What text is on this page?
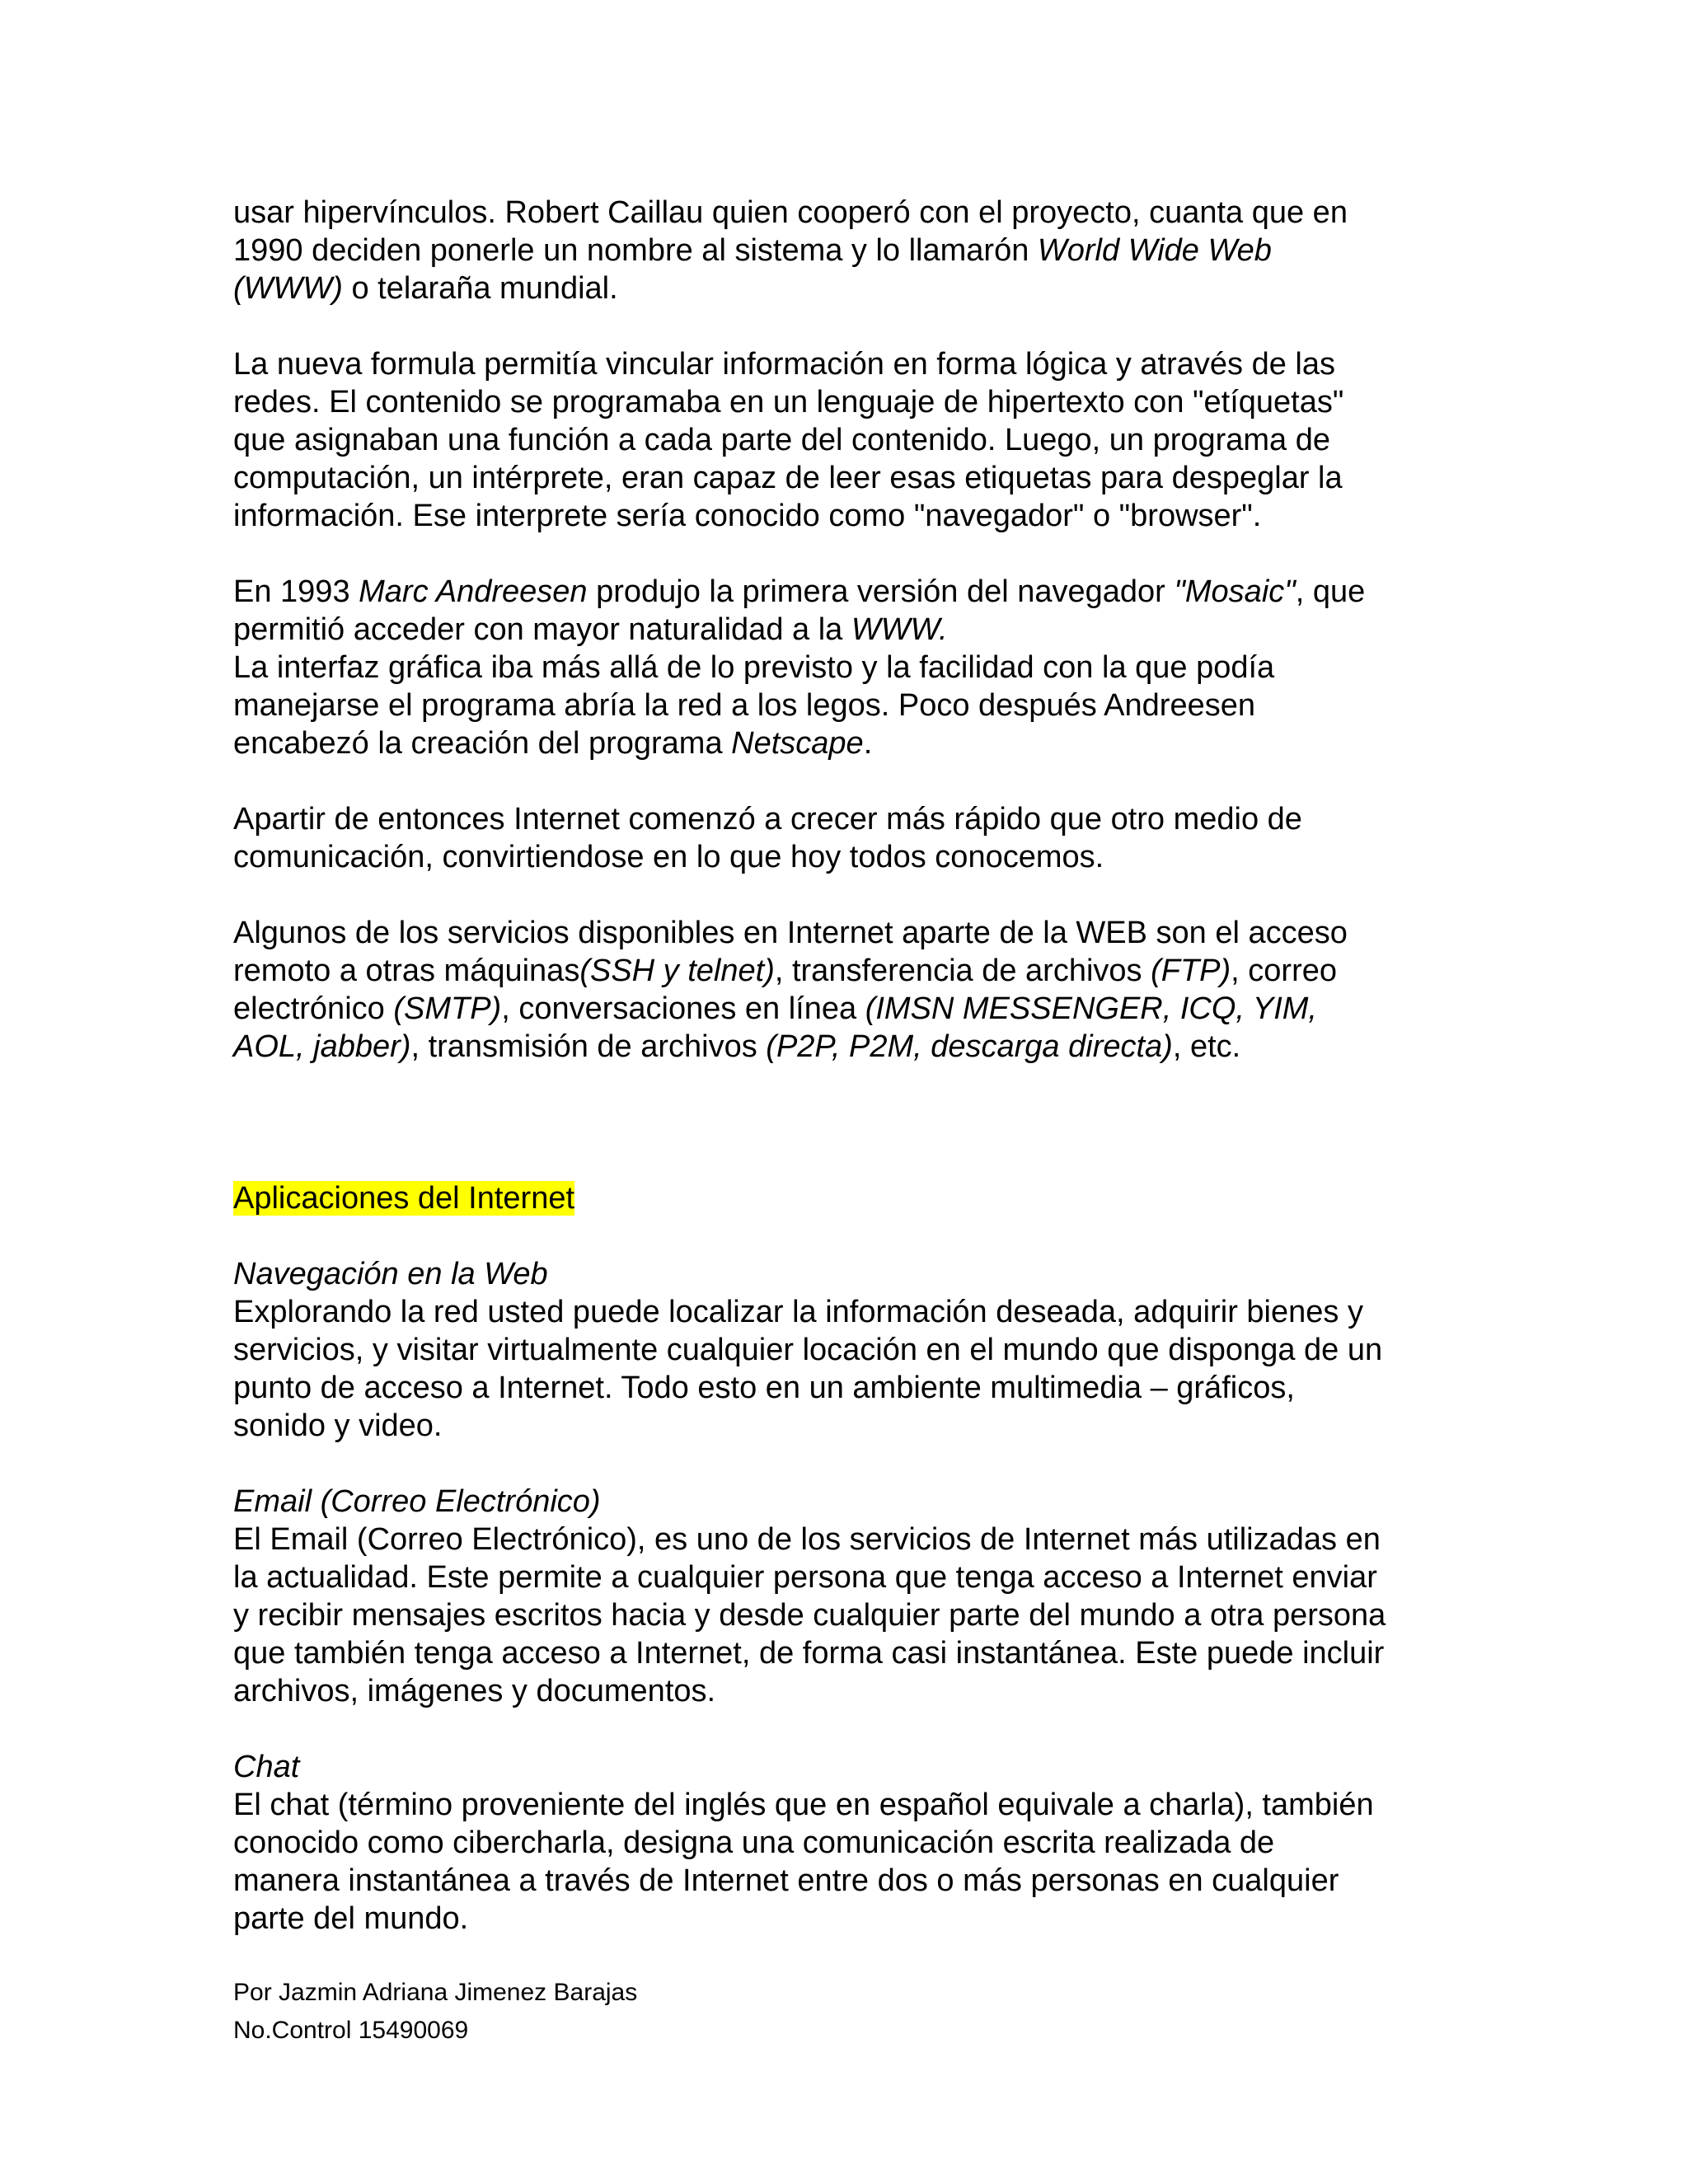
usar hipervínculos. Robert Caillau quien cooperó con el proyecto, cuanta que en
1990 deciden ponerle un nombre al sistema y lo llamarón World Wide Web
(WWW) o telaraña mundial.

La nueva formula permitía vincular información en forma lógica y através de las
redes. El contenido se programaba en un lenguaje de hipertexto con "etíquetas"
que asignaban una función a cada parte del contenido. Luego, un programa de
computación, un intérprete, eran capaz de leer esas etiquetas para despeglar la
información. Ese interprete sería conocido como "navegador" o "browser".

En 1993 Marc Andreesen produjo la primera versión del navegador "Mosaic", que
permitió acceder con mayor naturalidad a la WWW.
La interfaz gráfica iba más allá de lo previsto y la facilidad con la que podía
manejarse el programa abría la red a los legos. Poco después Andreesen
encabezó la creación del programa Netscape.

Apartir de entonces Internet comenzó a crecer más rápido que otro medio de
comunicación, convirtiendose en lo que hoy todos conocemos.

Algunos de los servicios disponibles en Internet aparte de la WEB son el acceso
remoto a otras máquinas(SSH y telnet), transferencia de archivos (FTP), correo
electrónico (SMTP), conversaciones en línea (IMSN MESSENGER, ICQ, YIM,
AOL, jabber), transmisión de archivos (P2P, P2M, descarga directa), etc.

Aplicaciones del Internet

Navegación en la Web

Explorando la red usted puede localizar la información deseada, adquirir bienes y
servicios, y visitar virtualmente cualquier locación en el mundo que disponga de un
punto de acceso a Internet. Todo esto en un ambiente multimedia – gráficos,
sonido y video.

Email (Correo Electrónico)

El Email (Correo Electrónico), es uno de los servicios de Internet más utilizadas en
la actualidad. Este permite a cualquier persona que tenga acceso a Internet enviar
y recibir mensajes escritos hacia y desde cualquier parte del mundo a otra persona
que también tenga acceso a Internet, de forma casi instantánea. Este puede incluir
archivos, imágenes y documentos.

Chat

El chat (término proveniente del inglés que en español equivale a charla), también
conocido como cibercharla, designa una comunicación escrita realizada de
manera instantánea a través de Internet entre dos o más personas en cualquier
parte del mundo.

Por Jazmin Adriana Jimenez Barajas
No.Control 15490069
